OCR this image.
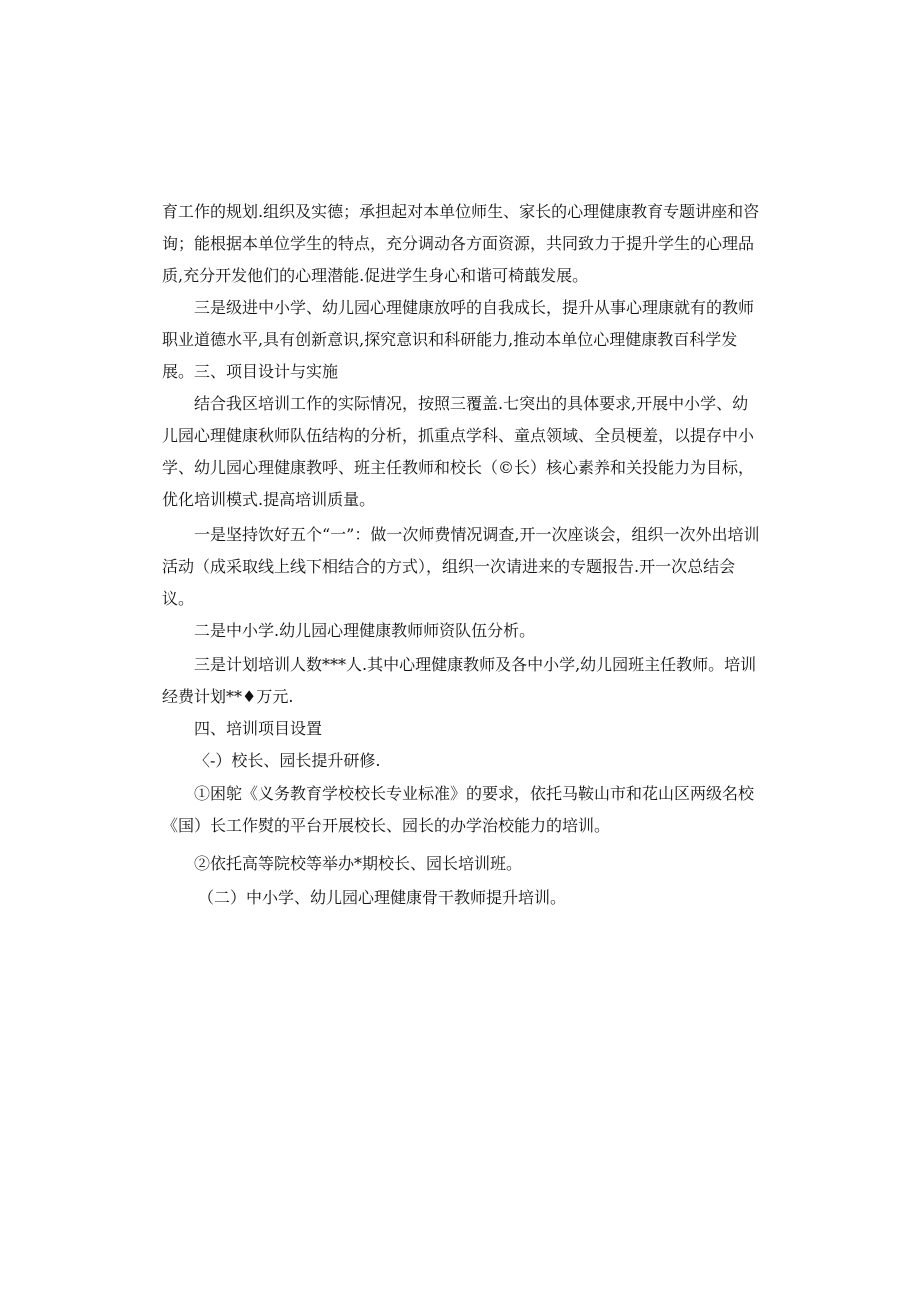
育工作的规划.组织及实德；承担起对本单位师生、家长的心理健康教育专题讲座和咨询；能根据本单位学生的特点，充分调动各方面资源，共同致力于提升学生的心理品质,充分开发他们的心理潜能.促进学生身心和谐可椅蕺发展。

三是级进中小学、幼儿园心理健康放呼的自我成长，提升从事心理康就有的教师职业道德水平,具有创新意识,探究意识和科研能力,推动本单位心理健康教百科学发展。 三、项目设计与实施

结合我区培训工作的实际情况，按照三覆盖.七突出的具体要求,开展中小学、幼儿园心理健康秋师队伍结构的分析，抓重点学科、童点领域、全员梗羞，以提存中小学、幼儿园心理健康教呼、班主任教师和校长（©长）核心素养和关投能力为目标，优化培训模式.提高培训质量。

一是坚持饮好五个“一”：做一次师费情况调查,开一次座谈会，组织一次外出培训活动（成采取线上线下相结合的方式），组织一次请进来的专题报告.开一次总结会议。

二是中小学.幼儿园心理健康教师师资队伍分析。

三是计划培训人数***人.其中心理健康教师及各中小学,幼儿园班主任教师。培训经费计划**♦万元.

四、培训项目设置

〈-）校长、园长提升研修.

①困鸵《义务教育学校校长专业标准》的要求，依托马鞍山市和花山区两级名校《国）长工作熨的平台开展校长、园长的办学治校能力的培训。

②依托高等院校等举办*期校长、园长培训班。

（二）中小学、幼儿园心理健康骨干教师提升培训。
